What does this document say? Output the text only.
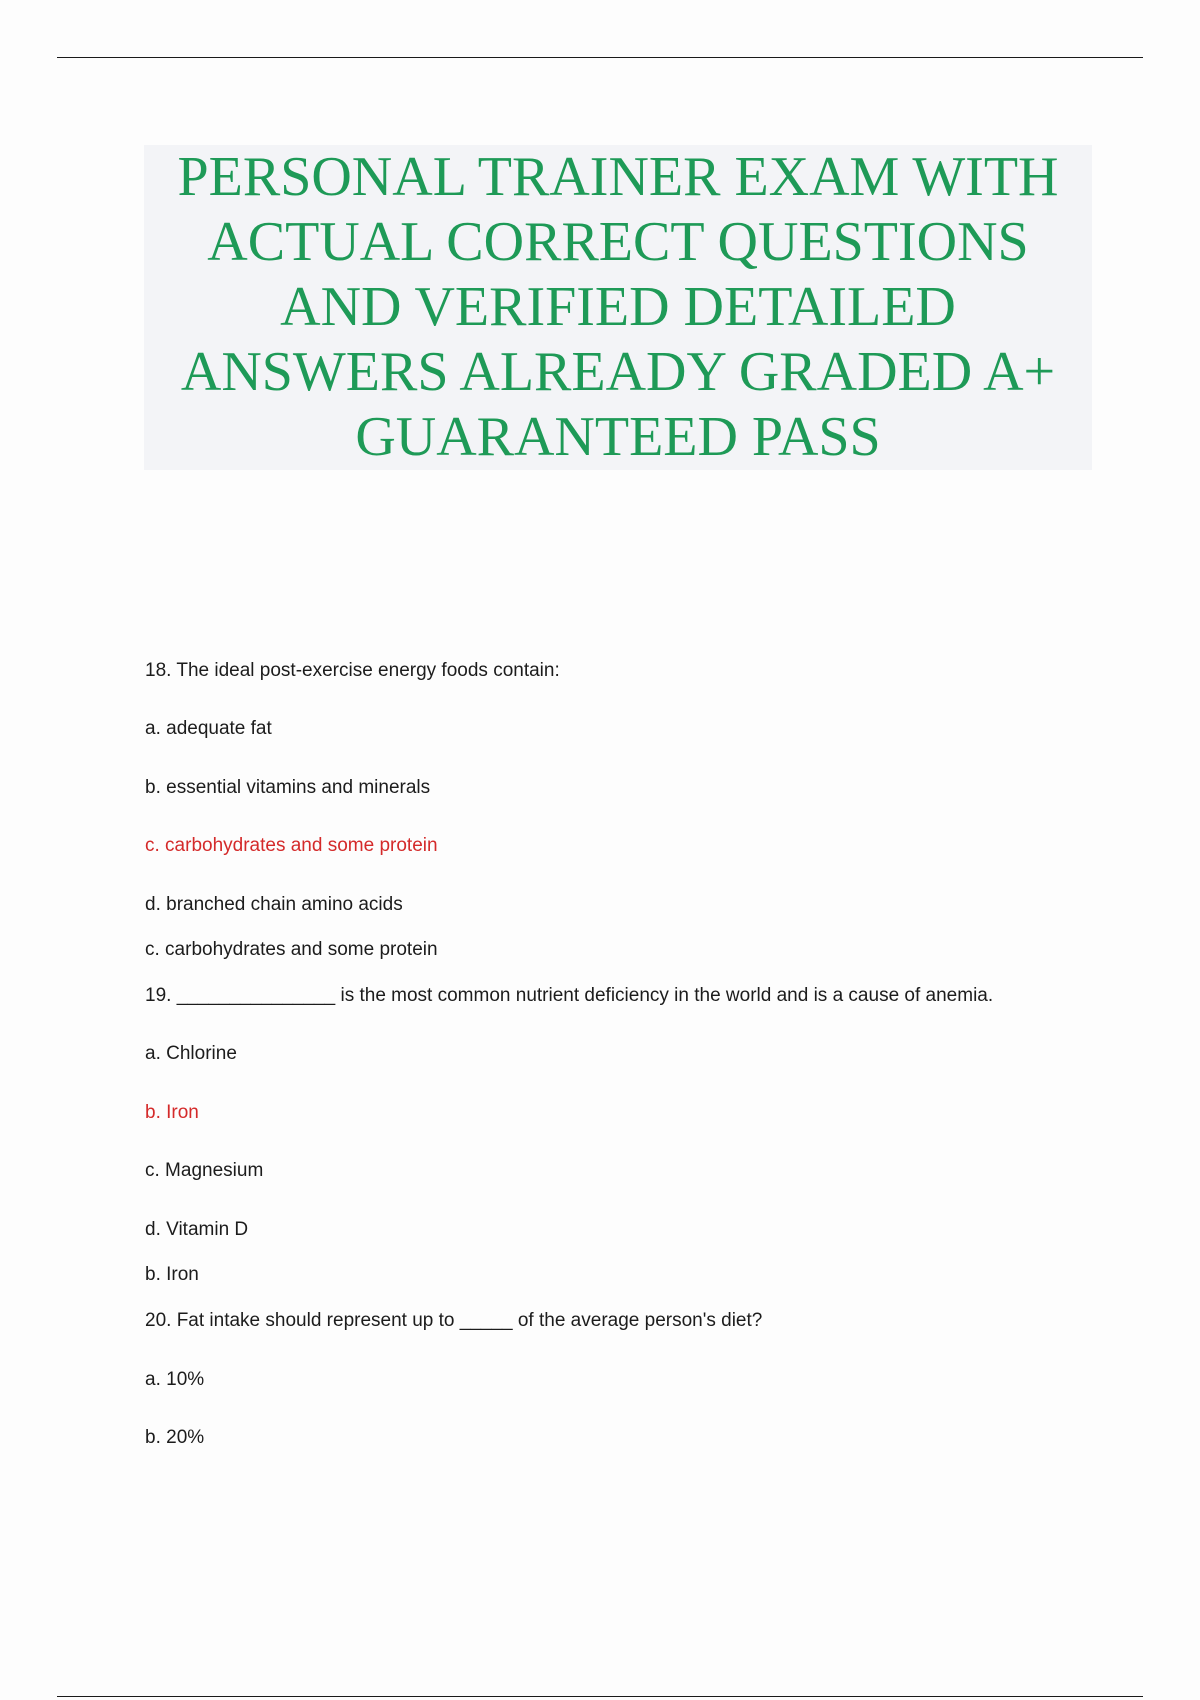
PERSONAL TRAINER EXAM WITH

ACTUAL CORRECT QUESTIONS

AND VERIFIED DETAILED

ANSWERS ALREADY GRADED A+

GUARANTEED PASS

18. The ideal post-exercise energy foods contain:

a. adequate fat

b. essential vitamins and minerals

c. carbohydrates and some protein

d. branched chain amino acids

c. carbohydrates and some protein

19. _______________ is the most common nutrient deficiency in the world and is a cause of anemia.

a. Chlorine

b. Iron

c. Magnesium

d. Vitamin D

b. Iron

20. Fat intake should represent up to _____ of the average person's diet?

a. 10%

b. 20%
